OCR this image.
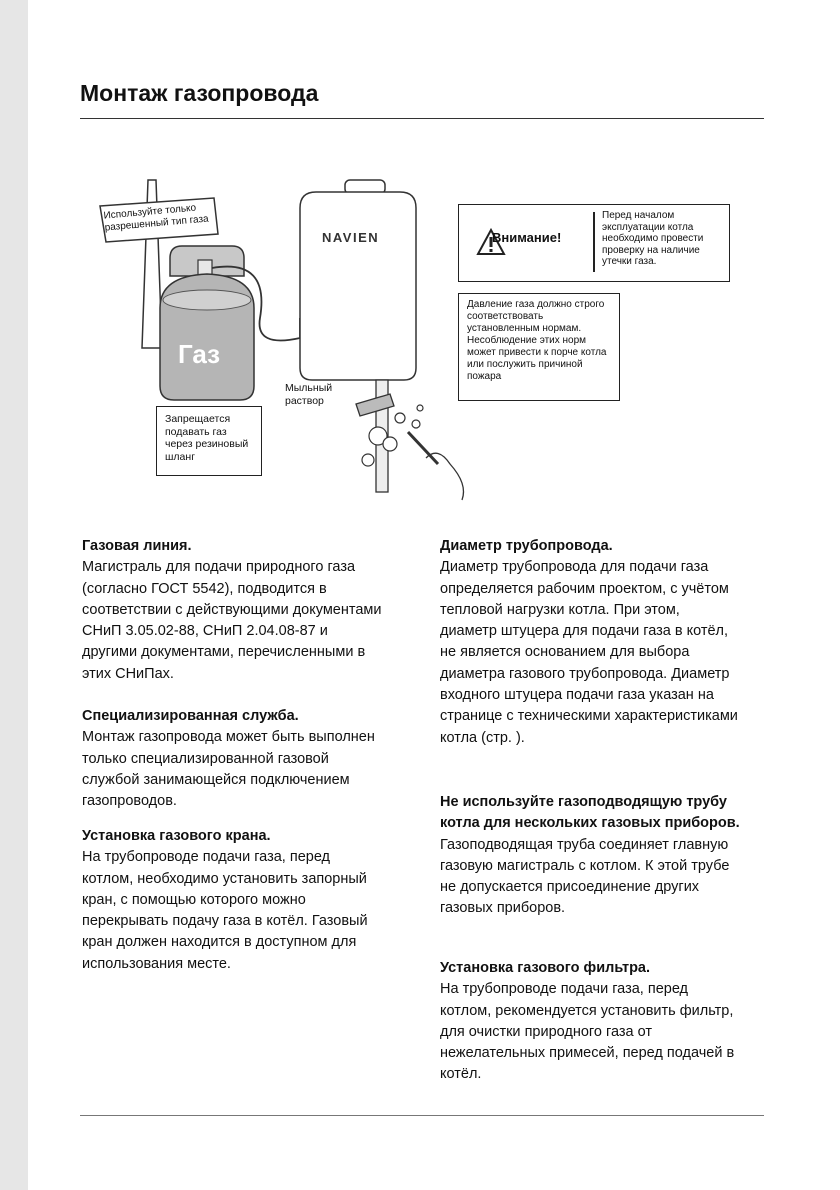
Монтаж газопровода
Используйте только разрешенный тип газа
Газ
NAVIEN
Мыльный раствор
Запрещается подавать газ через резиновый шланг
Внимание!
Перед началом эксплуатации котла необходимо провести проверку на наличие утечки газа.
Давление газа должно строго соответствовать установленным нормам. Несоблюдение этих норм может привести к порче котла или послужить причиной пожара
Газовая линия.

Магистраль для подачи природного газа (согласно ГОСТ 5542), подводится в соответствии с действующими документами СНиП 3.05.02-88, СНиП 2.04.08-87 и другими документами, перечисленными в этих СНиПах.

Специализированная служба.

Монтаж газопровода может быть выполнен только специализированной газовой службой занимающейся подключением газопроводов.

Установка газового крана.

На трубопроводе подачи газа, перед котлом, необходимо установить запорный кран, с помощью которого можно перекрывать подачу газа в котёл. Газовый кран должен находится в доступном для использования месте.

Диаметр трубопровода.

Диаметр трубопровода для подачи газа определяется рабочим проектом, с учётом тепловой нагрузки котла. При этом, диаметр штуцера для подачи газа в котёл, не является основанием для выбора диаметра газового трубопровода. Диаметр входного штуцера подачи газа указан на странице с техническими характеристиками котла (стр. ).

Не используйте газоподводящую трубу котла для нескольких газовых приборов.

Газоподводящая труба соединяет главную газовую магистраль с котлом. К этой трубе не допускается присоединение других газовых приборов.

Установка газового фильтра.

На трубопроводе подачи газа, перед котлом, рекомендуется установить фильтр, для очистки природного газа от нежелательных примесей, перед подачей в котёл.
